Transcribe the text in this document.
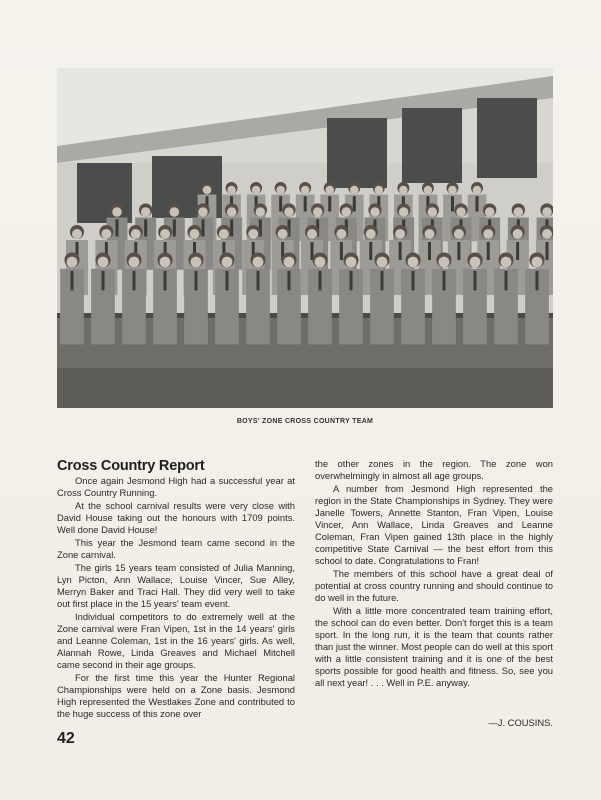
BOYS' ZONE CROSS COUNTRY TEAM
Cross Country Report

Once again Jesmond High had a successful year at Cross Country Running.

At the school carnival results were very close with David House taking out the honours with 1709 points. Well done David House!

This year the Jesmond team came second in the Zone carnival.

The girls 15 years team consisted of Julia Manning, Lyn Picton, Ann Wallace, Louise Vincer, Sue Alley, Merryn Baker and Traci Hall. They did very well to take out first place in the 15 years' team event.

Individual competitors to do extremely well at the Zone carnival were Fran Vipen, 1st in the 14 years' girls and Leanne Coleman, 1st in the 16 years' girls. As well, Alannah Rowe, Linda Greaves and Michael Mitchell came second in their age groups.

For the first time this year the Hunter Regional Championships were held on a Zone basis. Jesmond High represented the Westlakes Zone and contributed to the huge success of this zone over

the other zones in the region. The zone won overwhelmingly in almost all age groups.

A number from Jesmond High represented the region in the State Championships in Sydney. They were Janelle Towers, Annette Stanton, Fran Vipen, Louise Vincer, Ann Wallace, Linda Greaves and Leanne Coleman, Fran Vipen gained 13th place in the highly competitive State Carnival — the best effort from this school to date. Congratulations to Fran!

The members of this school have a great deal of potential at cross country running and should continue to do well in the future.

With a little more concentrated team training effort, the school can do even better. Don't forget this is a team sport. In the long run, it is the team that counts rather than just the winner. Most people can do well at this sport with a little consistent training and it is one of the best sports possible for good health and fitness. So, see you all next year! . . . Well in P.E. anyway.

—J. COUSINS.
42
